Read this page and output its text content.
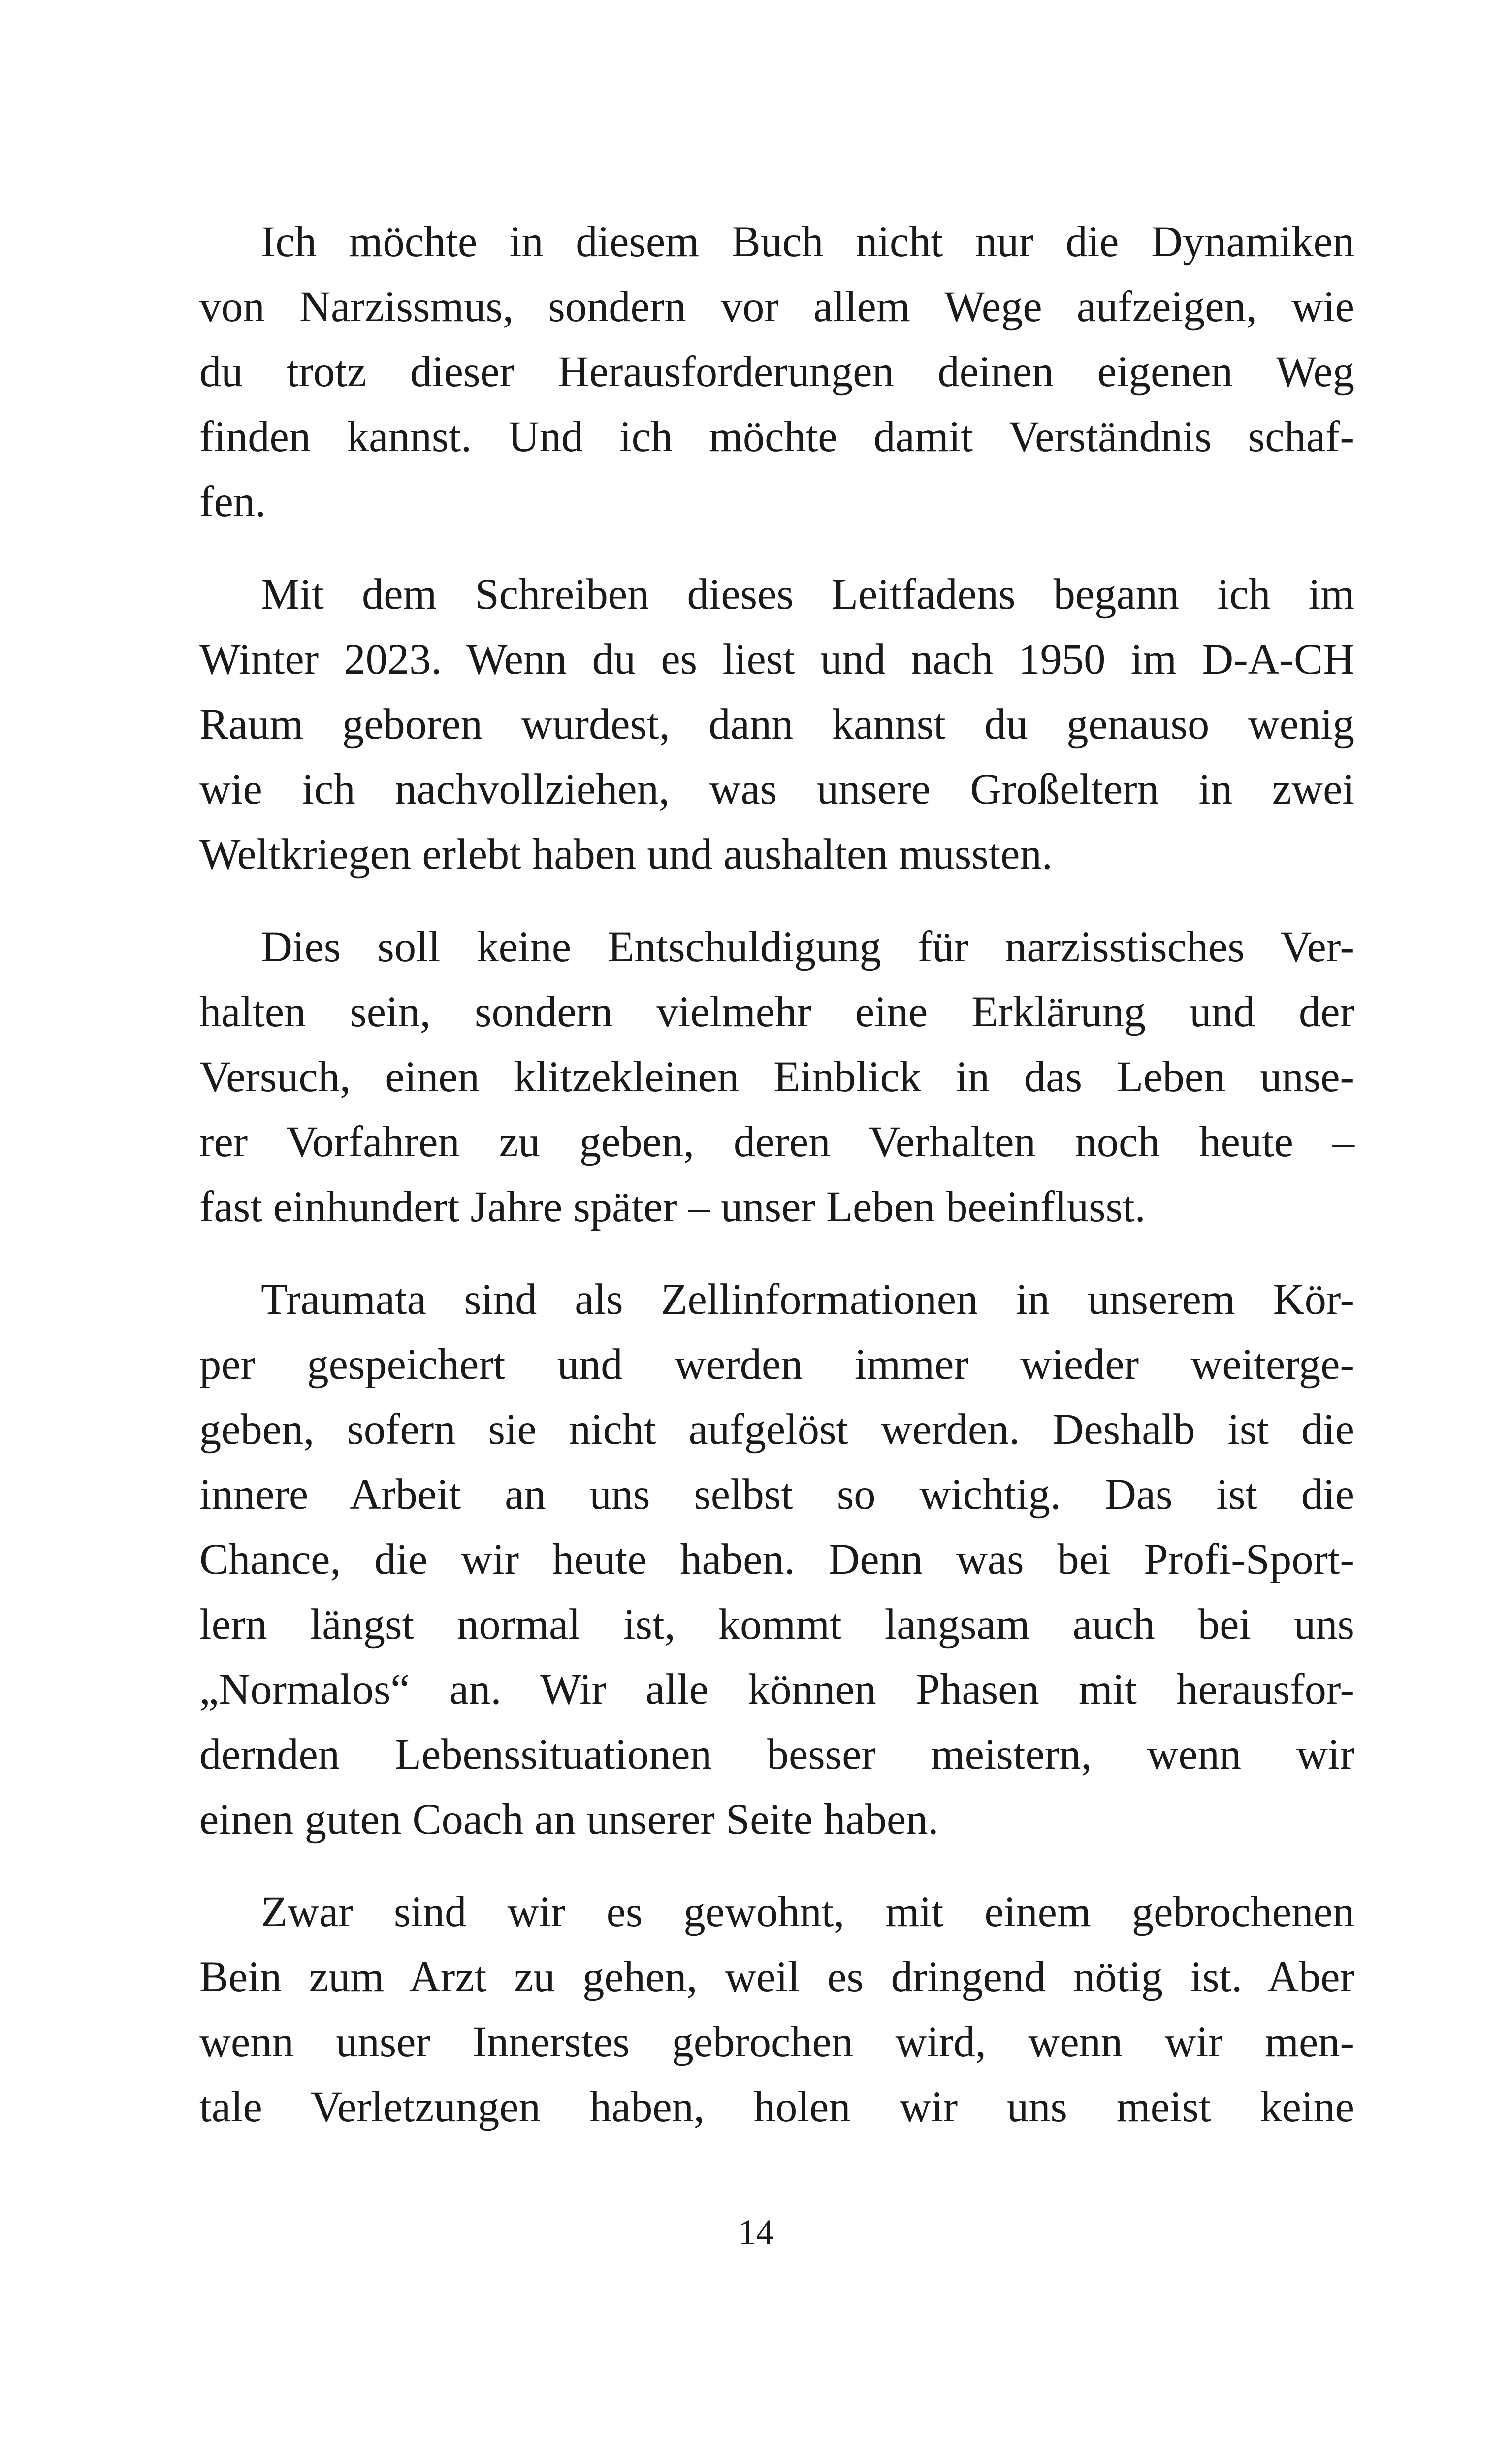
Ich möchte in diesem Buch nicht nur die Dynamiken
von Narzissmus, sondern vor allem Wege aufzeigen, wie
du trotz dieser Herausforderungen deinen eigenen Weg
finden kannst. Und ich möchte damit Verständnis schaf-
fen.
Mit dem Schreiben dieses Leitfadens begann ich im
Winter 2023. Wenn du es liest und nach 1950 im D-A-CH
Raum geboren wurdest, dann kannst du genauso wenig
wie ich nachvollziehen, was unsere Großeltern in zwei
Weltkriegen erlebt haben und aushalten mussten.
Dies soll keine Entschuldigung für narzisstisches Ver-
halten sein, sondern vielmehr eine Erklärung und der
Versuch, einen klitzekleinen Einblick in das Leben unse-
rer Vorfahren zu geben, deren Verhalten noch heute –
fast einhundert Jahre später – unser Leben beeinflusst.
Traumata sind als Zellinformationen in unserem Kör-
per gespeichert und werden immer wieder weiterge-
geben, sofern sie nicht aufgelöst werden. Deshalb ist die
innere Arbeit an uns selbst so wichtig. Das ist die
Chance, die wir heute haben. Denn was bei Profi-Sport-
lern längst normal ist, kommt langsam auch bei uns
„Normalos“ an. Wir alle können Phasen mit herausfor-
dernden Lebenssituationen besser meistern, wenn wir
einen guten Coach an unserer Seite haben.
Zwar sind wir es gewohnt, mit einem gebrochenen
Bein zum Arzt zu gehen, weil es dringend nötig ist. Aber
wenn unser Innerstes gebrochen wird, wenn wir men-
tale Verletzungen haben, holen wir uns meist keine
14
